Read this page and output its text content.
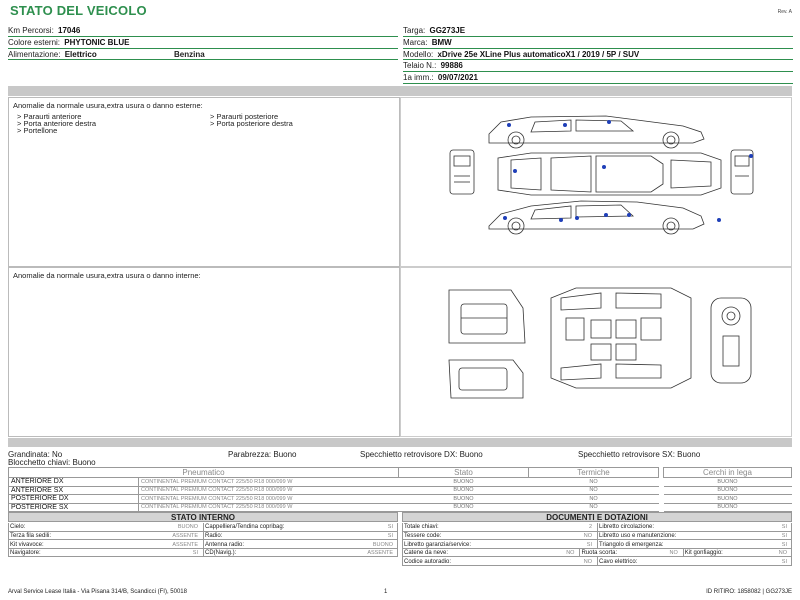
STATO DEL VEICOLO	Rev. A
Km Percorsi: 17046
Colore esterni: PHYTONIC BLUE
Alimentazione: Elettrico	Benzina
Targa: GG273JE
Marca: BMW
Modello: xDrive 25e XLine Plus automaticoX1 / 2019 / 5P / SUV
Telaio N.: 99886
1a imm.: 09/07/2021
Anomalie da normale usura,extra usura o danno esterne:
> Paraurti anteriore
> Porta anteriore destra
> Portellone
> Paraurti posteriore
> Porta posteriore destra
Anomalie da normale usura,extra usura o danno interne:
Grandinata: No	Parabrezza: Buono	Specchietto retrovisore DX: Buono	Specchietto retrovisore SX: Buono
Blocchetto chiavi: Buono
Pneumatico		Stato	Termiche		Cerchi in lega
ANTERIORE DX	CONTINENTAL PREMIUM CONTACT 225/50 R18 000/099 W	BUONO	NO		BUONO
ANTERIORE SX	CONTINENTAL PREMIUM CONTACT 225/50 R18 000/099 W	BUONO	NO		BUONO
POSTERIORE DX	CONTINENTAL PREMIUM CONTACT 225/50 R18 000/099 W	BUONO	NO		BUONO
POSTERIORE SX	CONTINENTAL PREMIUM CONTACT 225/50 R18 000/099 W	BUONO	NO		BUONO
STATO INTERNO
Cielo:	BUONO Cappelliera/Tendina copribag:	SI
Terza fila sedili:	ASSENTE Radio:	SI
Kit vivavoce:	ASSENTE Antenna radio:	BUONO
Navigatore:	SI CD(Navig.):	ASSENTE
DOCUMENTI E DOTAZIONI
Totale chiavi:	2 Libretto circolazione:	SI
Tessere code:	NO Libretto uso e manutenzione:	SI
Libretto garanzia/service:	SI Triangolo di emergenza:	SI
Catene da neve:	NO Ruota scorta:	NO Kit gonfiaggio:	NO
Codice autoradio:	NO Cavo elettrico:	SI
Arval Service Lease Italia - Via Pisana 314/B, Scandicci (FI), 50018	1	ID RITIRO: 1858082 | GG273JE
